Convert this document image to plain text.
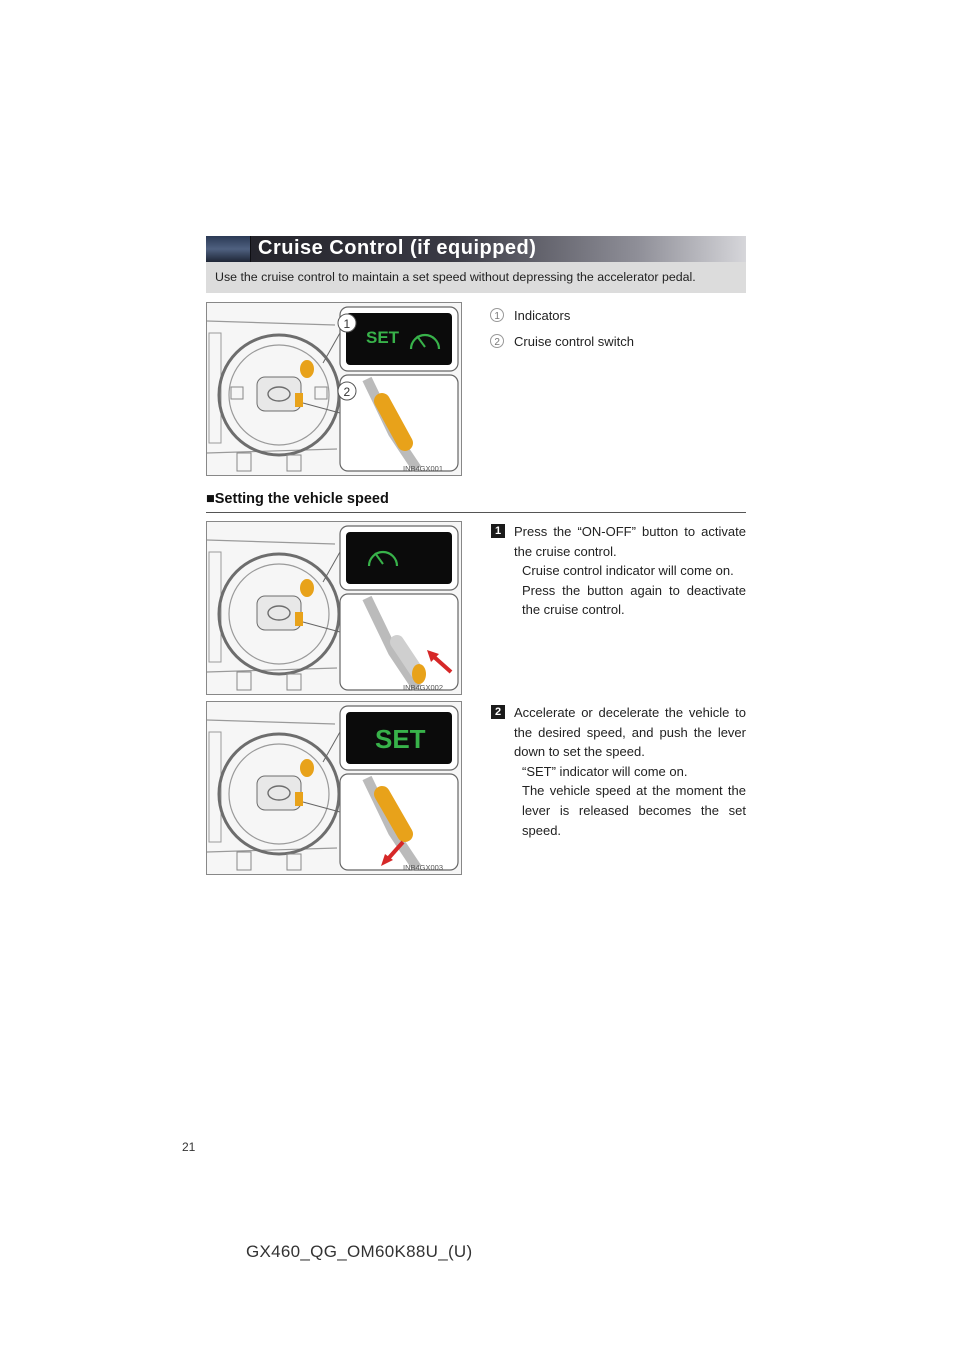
Cruise Control (if equipped)
Use the cruise control to maintain a set speed without depressing the accelerator pedal.
SET
1
2
INB4GX001
1 Indicators
2 Cruise control switch
■Setting the vehicle speed
INB4GX002
1 Press the “ON-OFF” button to activate the cruise control.

Cruise control indicator will come on.

Press the button again to deactivate the cruise control.

SET
INB4GX003
2 Accelerate or decelerate the vehicle to the desired speed, and push the lever down to set the speed.

“SET” indicator will come on.

The vehicle speed at the moment the lever is released becomes the set speed.

21
GX460_QG_OM60K88U_(U)
